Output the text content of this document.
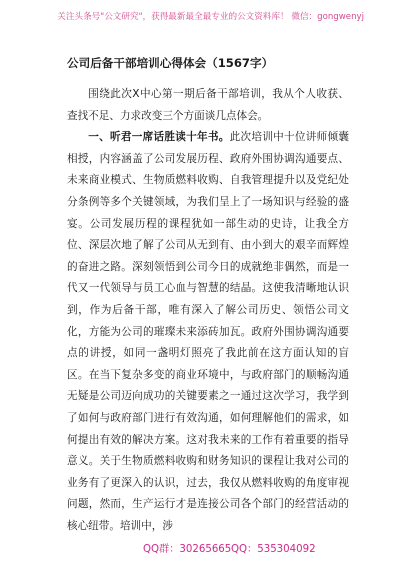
关注头条号"公文研究"，获得最新最全最专业的公文资料库！ 微信：gongwenyj
公司后备干部培训心得体会（1567字）

围绕此次X中心第一期后备干部培训，我从个人收获、查找不足、力求改变三个方面谈几点体会。

一、听君一席话胜读十年书。此次培训中十位讲师倾囊相授，内容涵盖了公司发展历程、政府外围协调沟通要点、未来商业模式、生物质燃料收购、自我管理提升以及党纪处分条例等多个关键领域，为我们呈上了一场知识与经验的盛宴。公司发展历程的课程犹如一部生动的史诗，让我全方位、深层次地了解了公司从无到有、由小到大的艰辛而辉煌的奋进之路。深刻领悟到公司今日的成就绝非偶然，而是一代又一代领导与员工心血与智慧的结晶。这使我清晰地认识到，作为后备干部，唯有深入了解公司历史、领悟公司文化，方能为公司的璀璨未来添砖加瓦。政府外围协调沟通要点的讲授，如同一盏明灯照亮了我此前在这方面认知的盲区。在当下复杂多变的商业环境中，与政府部门的顺畅沟通无疑是公司迈向成功的关键要素之一通过这次学习，我学到了如何与政府部门进行有效沟通，如何理解他们的需求，如何提出有效的解决方案。这对我未来的工作有着重要的指导意义。关于生物质燃料收购和财务知识的课程让我对公司的业务有了更深入的认识，过去，我仅从燃料收购的角度审视问题，然而，生产运行才是连接公司各个部门的经营活动的核心纽带。培训中，涉

QQ群：30265665 QQ：535304092
